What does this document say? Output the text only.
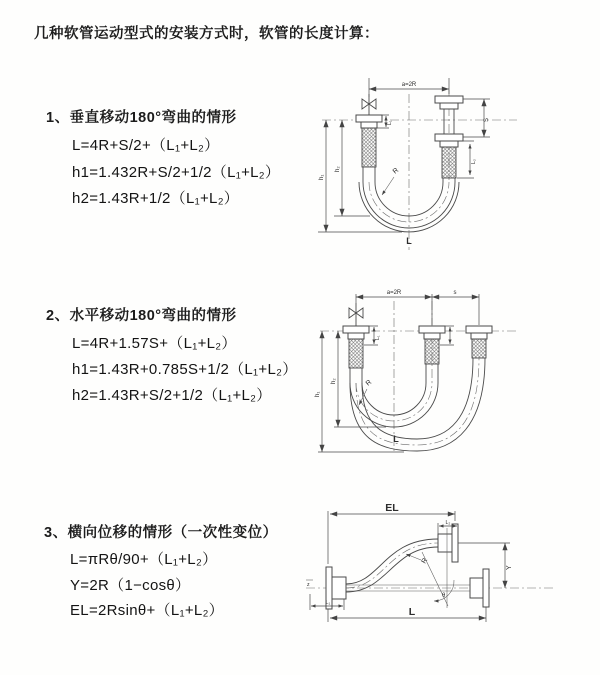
几种软管运动型式的安装方式时，软管的长度计算：
1、垂直移动180°弯曲的情形
L=4R+S/2+（L₁+L₂）
h1=1.432R+S/2+1/2（L₁+L₂）
h2=1.43R+1/2（L₁+L₂）
2、水平移动180°弯曲的情形
L=4R+1.57S+（L₁+L₂）
h1=1.43R+0.785S+1/2（L₁+L₂）
h2=1.43R+S/2+1/2（L₁+L₂）
3、横向位移的情形（一次性变位）
L=πRθ/90+（L₁+L₂）
Y=2R（1−cosθ）
EL=2Rsinθ+（L₁+L₂）
a=2R
h₁
h₂
S
L₂
L₁
R
L
a=2R	s
h₁
h₂
L₁
R
L
z
EL
L₂
Y
R
θ
L₁
L
